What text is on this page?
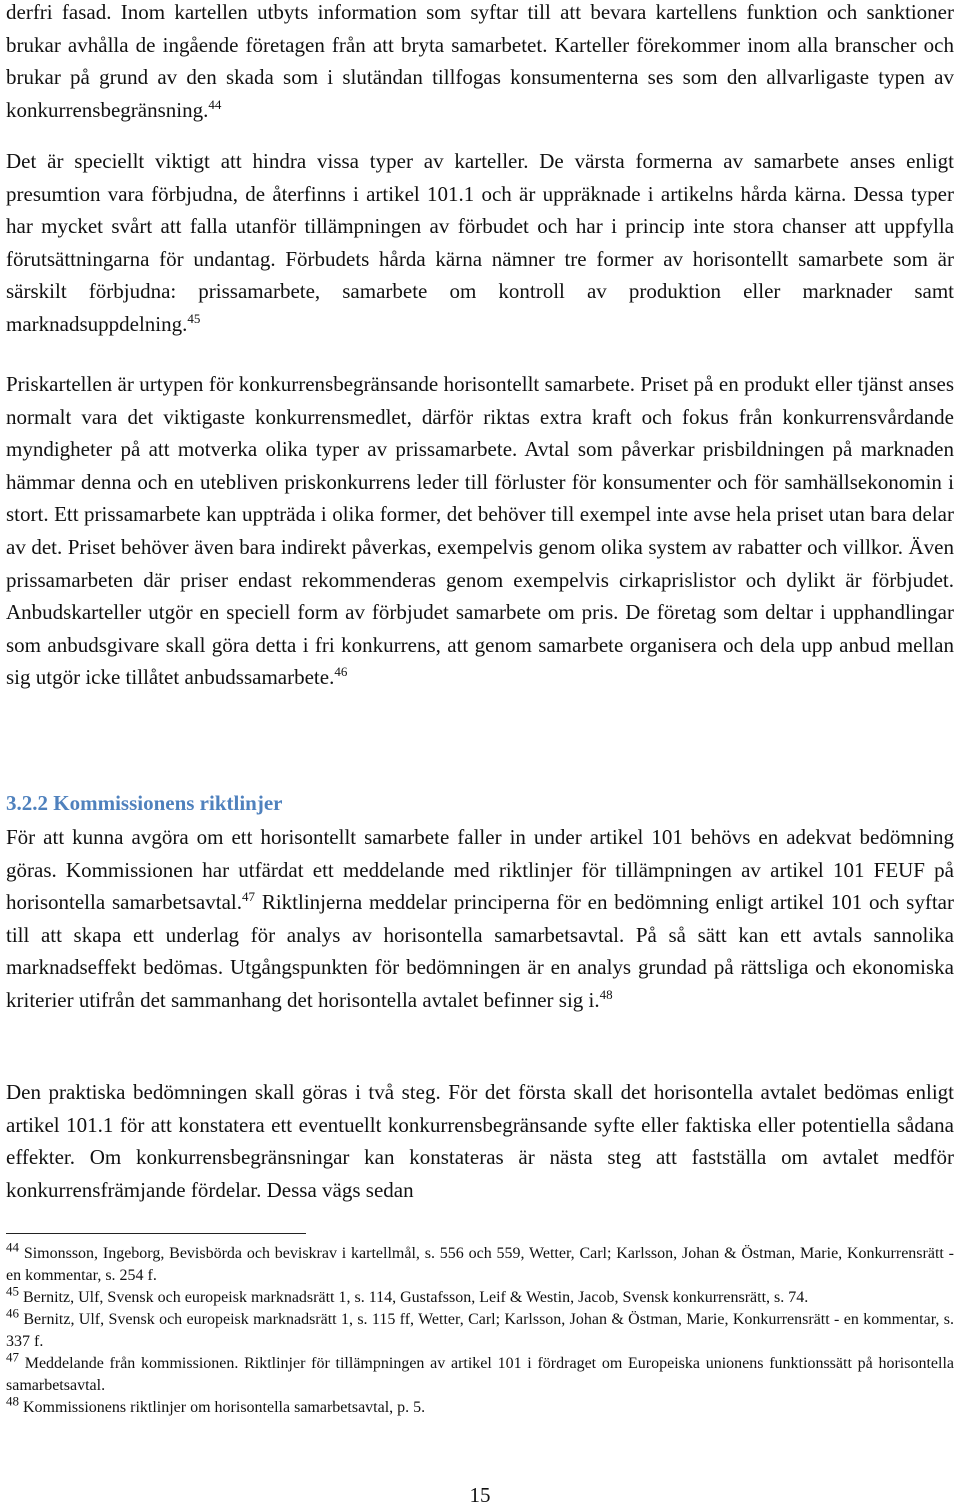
derfri fasad. Inom kartellen utbyts information som syftar till att bevara kartellens funktion och sanktioner brukar avhålla de ingående företagen från att bryta samarbetet. Karteller förekommer inom alla branscher och brukar på grund av den skada som i slutändan tillfogas konsumenterna ses som den allvarligaste typen av konkurrensbegränsning.$^{44}$

Det är speciellt viktigt att hindra vissa typer av karteller. De värsta formerna av samarbete anses enligt presumtion vara förbjudna, de återfinns i artikel 101.1 och är uppräknade i artikelns hårda kärna. Dessa typer har mycket svårt att falla utanför tillämpningen av förbudet och har i princip inte stora chanser att uppfylla förutsättningarna för undantag. Förbudets hårda kärna nämner tre former av horisontellt samarbete som är särskilt förbjudna: prissamarbete, samarbete om kontroll av produktion eller marknader samt marknadsuppdelning.$^{45}$

Priskartellen är urtypen för konkurrensbegränsande horisontellt samarbete. Priset på en produkt eller tjänst anses normalt vara det viktigaste konkurrensmedlet, därför riktas extra kraft och fokus från konkurrensvårdande myndigheter på att motverka olika typer av prissamarbete. Avtal som påverkar prisbildningen på marknaden hämmar denna och en utebliven priskonkurrens leder till förluster för konsumenter och för samhällsekonomin i stort. Ett prissamarbete kan uppträda i olika former, det behöver till exempel inte avse hela priset utan bara delar av det. Priset behöver även bara indirekt påverkas, exempelvis genom olika system av rabatter och villkor. Även prissamarbeten där priser endast rekommenderas genom exempelvis cirkaprislistor och dylikt är förbjudet. Anbudskarteller utgör en speciell form av förbjudet samarbete om pris. De företag som deltar i upphandlingar som anbudsgivare skall göra detta i fri konkurrens, att genom samarbete organisera och dela upp anbud mellan sig utgör icke tillåtet anbudssamarbete.$^{46}$

3.2.2 Kommissionens riktlinjer

För att kunna avgöra om ett horisontellt samarbete faller in under artikel 101 behövs en adekvat bedömning göras. Kommissionen har utfärdat ett meddelande med riktlinjer för tillämpningen av artikel 101 FEUF på horisontella samarbetsavtal.$^{47}$ Riktlinjerna meddelar principerna för en bedömning enligt artikel 101 och syftar till att skapa ett underlag för analys av horisontella samarbetsavtal. På så sätt kan ett avtals sannolika marknadseffekt bedömas. Utgångspunkten för bedömningen är en analys grundad på rättsliga och ekonomiska kriterier utifrån det sammanhang det horisontella avtalet befinner sig i.$^{48}$

Den praktiska bedömningen skall göras i två steg. För det första skall det horisontella avtalet bedömas enligt artikel 101.1 för att konstatera ett eventuellt konkurrensbegränsande syfte eller faktiska eller potentiella sådana effekter. Om konkurrensbegränsningar kan konstateras är nästa steg att fastställa om avtalet medför konkurrensfrämjande fördelar. Dessa vägs sedan

$^{44}$ Simonsson, Ingeborg, Bevisbörda och beviskrav i kartellmål, s. 556 och 559, Wetter, Carl; Karlsson, Johan & Östman, Marie, Konkurrensrätt - en kommentar, s. 254 f.

$^{45}$ Bernitz, Ulf, Svensk och europeisk marknadsrätt 1, s. 114, Gustafsson, Leif & Westin, Jacob, Svensk konkurrensrätt, s. 74.

$^{46}$ Bernitz, Ulf, Svensk och europeisk marknadsrätt 1, s. 115 ff, Wetter, Carl; Karlsson, Johan & Östman, Marie, Konkurrensrätt - en kommentar, s. 337 f.

$^{47}$ Meddelande från kommissionen. Riktlinjer för tillämpningen av artikel 101 i fördraget om Europeiska unionens funktionssätt på horisontella samarbetsavtal.

$^{48}$ Kommissionens riktlinjer om horisontella samarbetsavtal, p. 5.

15
